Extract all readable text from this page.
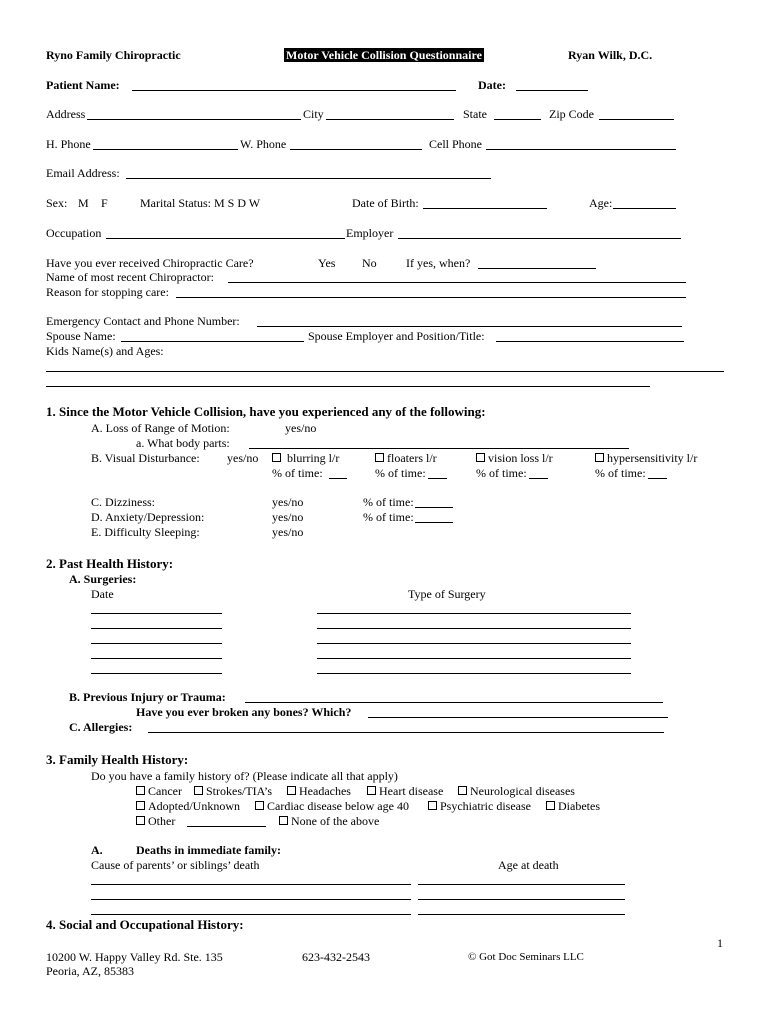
Ryno Family Chiropractic	Motor Vehicle Collision Questionnaire	Ryan Wilk, D.C.
Patient Name:	Date:
Address	City	State	Zip Code
H. Phone	W. Phone	Cell Phone
Email Address:
Sex: M F	Marital Status: M S D W	Date of Birth:	Age:
Occupation	Employer
Have you ever received Chiropractic Care?	Yes No If yes, when?
Name of most recent Chiropractor:
Reason for stopping care:
Emergency Contact and Phone Number:
Spouse Name:	Spouse Employer and Position/Title:
Kids Name(s) and Ages:
1. Since the Motor Vehicle Collision, have you experienced any of the following:
A. Loss of Range of Motion:	yes/no
a. What body parts:
B. Visual Disturbance: yes/no	blurring l/r	floaters l/r	vision loss l/r	hypersensitivity l/r
% of time:	% of time:	% of time:	% of time:
C. Dizziness:	yes/no	% of time:
D. Anxiety/Depression:	yes/no	% of time:
E. Difficulty Sleeping:	yes/no
2. Past Health History:
A. Surgeries:
Date	Type of Surgery
B. Previous Injury or Trauma:
Have you ever broken any bones? Which?
C. Allergies:
3. Family Health History:
Do you have a family history of? (Please indicate all that apply)
Cancer	Strokes/TIA’s	Headaches	Heart disease	Neurological diseases
Adopted/Unknown	Cardiac disease below age 40	Psychiatric disease	Diabetes
Other	None of the above
A.	Deaths in immediate family:
Cause of parents’ or siblings’ death	Age at death
4. Social and Occupational History:
1
10200 W. Happy Valley Rd. Ste. 135
Peoria, AZ, 85383
623-432-2543	© Got Doc Seminars LLC
